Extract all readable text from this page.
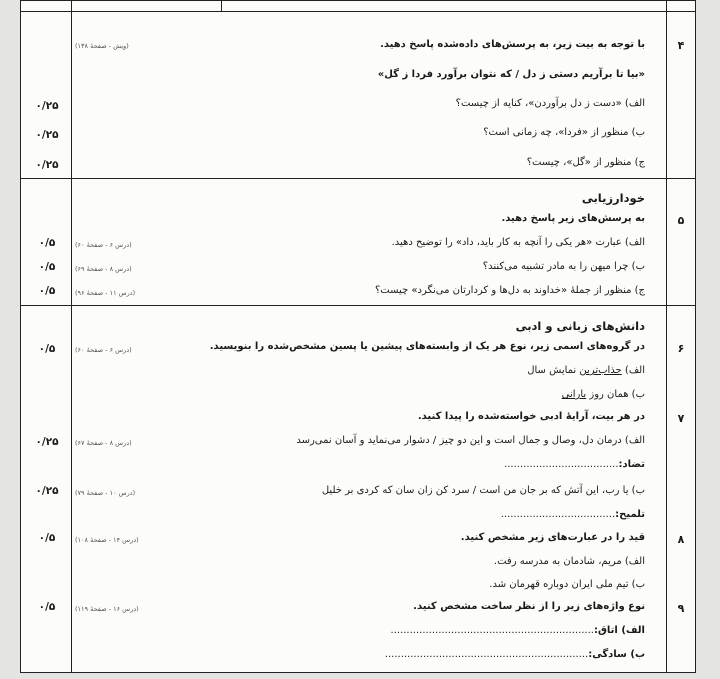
۴
با توجه به بیت زیر، به پرسش‌های داده‌شده پاسخ دهید.
(ویش - صفحهٔ ۱۳۸)
«بیا تا برآریم دستی ز دل / که نتوان برآورد فردا ز گل»
الف) «دست ز دل برآوردن»، کنایه از چیست؟
۰/۲۵
ب) منظور از «فردا»، چه زمانی است؟
۰/۲۵
ج) منظور از «گل»، چیست؟
۰/۲۵
خودارزیابی
۵
به پرسش‌های زیر پاسخ دهید.
الف) عبارت «هر یکی را آنچه به کار باید، داد» را توضیح دهید.
(درس ۶ - صفحهٔ ۶۰)
۰/۵
ب) چرا میهن را به مادر تشبیه می‌کنند؟
(درس ۸ - صفحهٔ ۶۹)
۰/۵
ج) منظور از جملهٔ «خداوند به دل‌ها و کردارتان می‌نگرد» چیست؟
(درس ۱۱ - صفحهٔ ۹۶)
۰/۵
دانش‌های زبانی و ادبی
۶
در گروه‌های اسمی زیر، نوع هر یک از وابسته‌های پیشین یا پسین مشخص‌شده را بنویسید.
(درس ۶ - صفحهٔ ۶۰)
۰/۵
الف) جذاب‌ترین نمایش سال
ب) همان روز بارانی
۷
در هر بیت، آرایهٔ ادبی خواسته‌شده را پیدا کنید.
الف) درمان دل، وصال و جمال است و این دو چیز / دشوار می‌نماید و آسان نمی‌رسد
(درس ۸ - صفحهٔ ۶۷)
۰/۲۵
تضاد:....................................
ب) یا رب، این آتش که بر جان من است / سرد کن زان سان که کردی بر خلیل
(درس ۱۰ - صفحهٔ ۷۹)
۰/۲۵
تلمیح:....................................
۸
قید را در عبارت‌های زیر مشخص کنید.
(درس ۱۴ - صفحهٔ ۱۰۸)
۰/۵
الف) مریم، شادمان به مدرسه رفت.
ب) تیم ملی ایران دوباره قهرمان شد.
۹
نوع واژه‌های زیر را از نظر ساخت مشخص کنید.
(درس ۱۶ - صفحهٔ ۱۱۹)
۰/۵
الف) اتاق:................................................................
ب) سادگی:................................................................
